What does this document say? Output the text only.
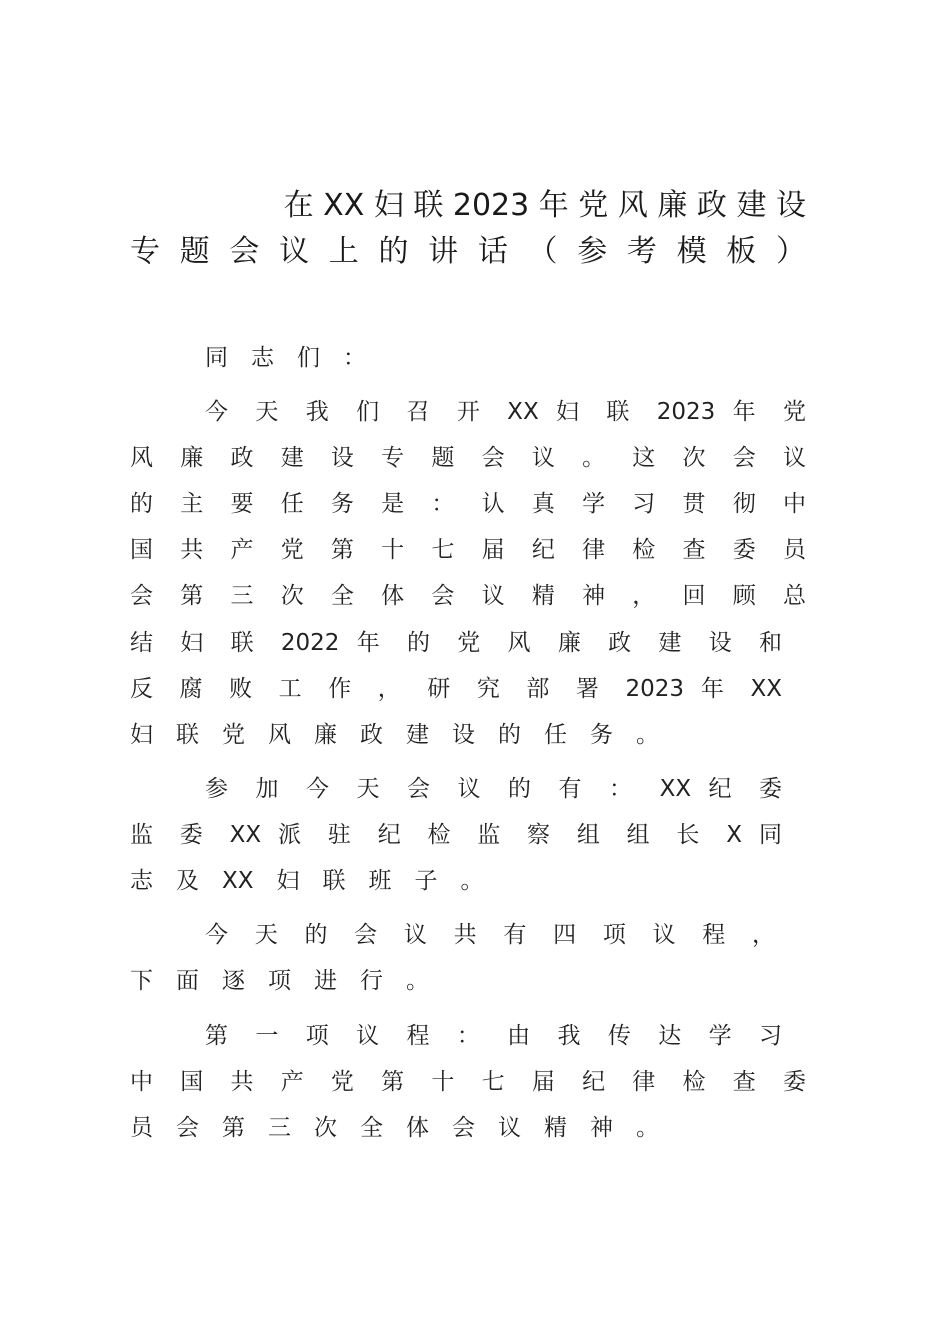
在 XX 妇 联 2023 年 党 风 廉 政 建 设
专 题 会 议 上 的 讲 话 （ 参 考 模 板 ）
同　志　们　：
今 天 我 们 召 开 XX 妇 联 2023 年 党
风 廉 政 建 设 专 题 会 议 。 这 次 会 议
的 主 要 任 务 是 ： 认 真 学 习 贯 彻 中
国 共 产 党 第 十 七 届 纪 律 检 查 委 员
会 第 三 次 全 体 会 议 精 神 ， 回 顾 总
结 妇 联 2022 年 的 党 风 廉 政 建 设 和
反 腐 败 工 作 ， 研 究 部 署 2023 年 XX
妇　联　党　风　廉　政　建　设　的　任　务　。
参 加 今 天 会 议 的 有 ： XX 纪 委
监 委 XX 派 驻 纪 检 监 察 组 组 长 X 同
志　及　XX　妇　联　班　子　。
今 天 的 会 议 共 有 四 项 议 程 ，
下　面　逐　项　进　行　。
第 一 项 议 程 ： 由 我 传 达 学 习
中 国 共 产 党 第 十 七 届 纪 律 检 查 委
员　会　第　三　次　全　体　会　议　精　神　。
